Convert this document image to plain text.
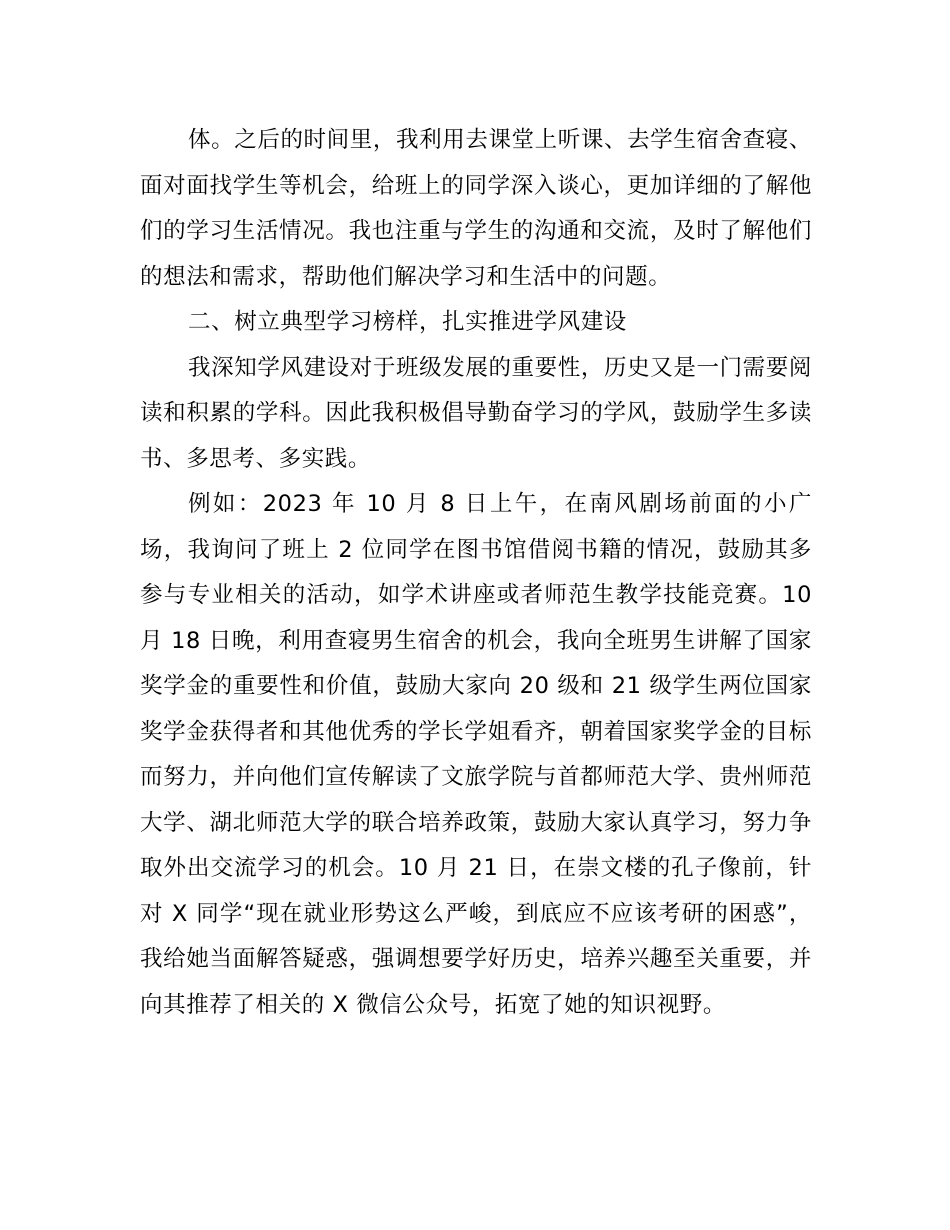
体。之后的时间里，我利用去课堂上听课、去学生宿舍查寝、面对面找学生等机会，给班上的同学深入谈心，更加详细的了解他们的学习生活情况。我也注重与学生的沟通和交流，及时了解他们的想法和需求，帮助他们解决学习和生活中的问题。

二、树立典型学习榜样，扎实推进学风建设

我深知学风建设对于班级发展的重要性，历史又是一门需要阅读和积累的学科。因此我积极倡导勤奋学习的学风，鼓励学生多读书、多思考、多实践。

例如：2023 年 10 月 8 日上午，在南风剧场前面的小广场，我询问了班上 2 位同学在图书馆借阅书籍的情况，鼓励其多参与专业相关的活动，如学术讲座或者师范生教学技能竞赛。10 月 18 日晚，利用查寝男生宿舍的机会，我向全班男生讲解了国家奖学金的重要性和价值，鼓励大家向 20 级和 21 级学生两位国家奖学金获得者和其他优秀的学长学姐看齐，朝着国家奖学金的目标而努力，并向他们宣传解读了文旅学院与首都师范大学、贵州师范大学、湖北师范大学的联合培养政策，鼓励大家认真学习，努力争取外出交流学习的机会。10 月 21 日，在崇文楼的孔子像前，针对 X 同学“现在就业形势这么严峻，到底应不应该考研的困惑”，我给她当面解答疑惑，强调想要学好历史，培养兴趣至关重要，并向其推荐了相关的 X 微信公众号，拓宽了她的知识视野。
